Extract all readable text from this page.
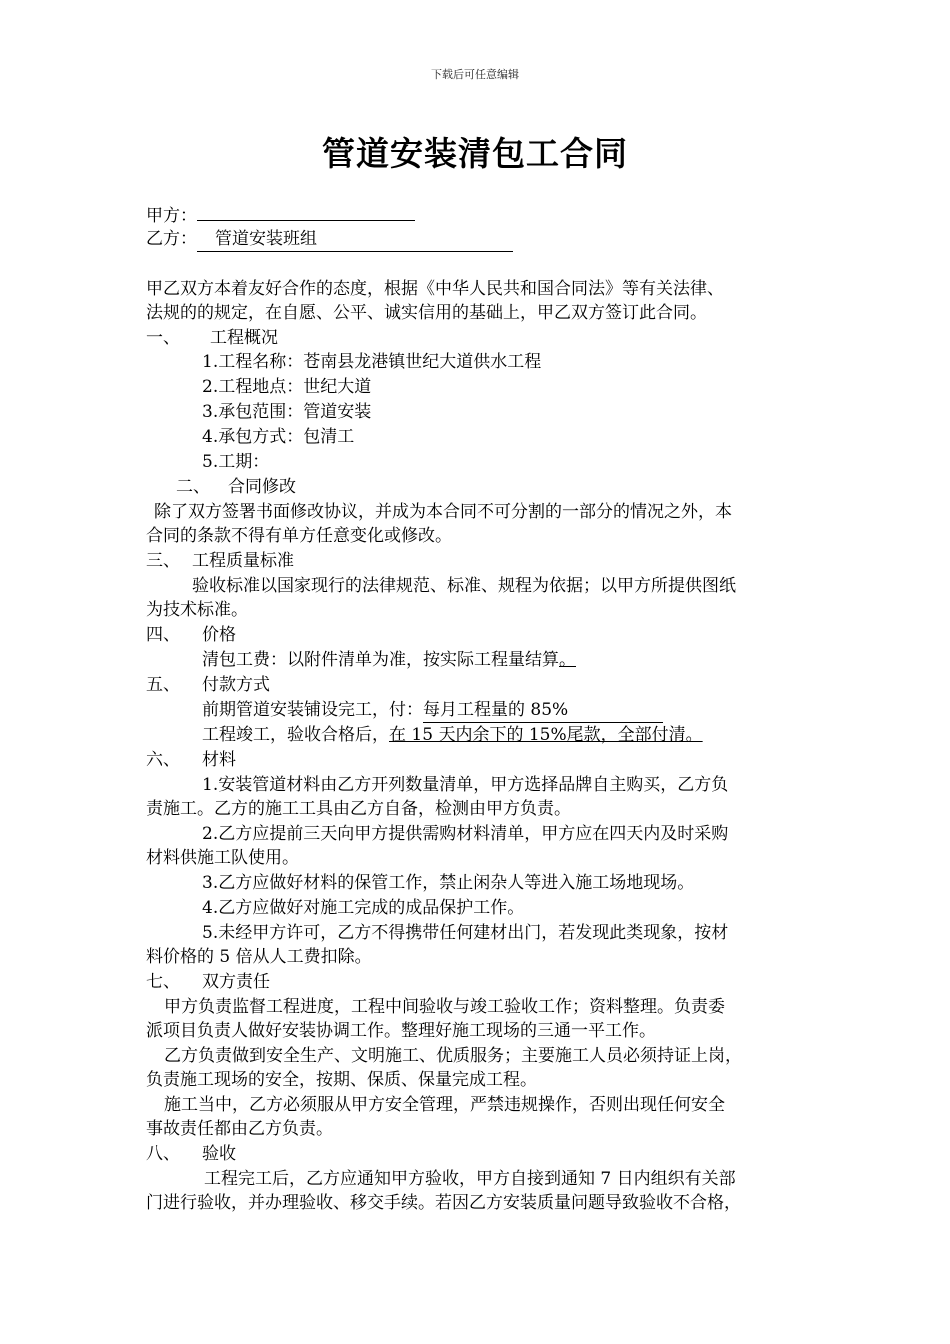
下载后可任意编辑
管道安装清包工合同
甲方：
乙方： 管道安装班组
甲乙双方本着友好合作的态度，根据《中华人民共和国合同法》等有关法律、
法规的的规定，在自愿、公平、诚实信用的基础上，甲乙双方签订此合同。
一、 工程概况
1.工程名称：苍南县龙港镇世纪大道供水工程
2.工程地点：世纪大道
3.承包范围：管道安装
4.承包方式：包清工
5.工期：
二、 合同修改
除了双方签署书面修改协议，并成为本合同不可分割的一部分的情况之外，本
合同的条款不得有单方任意变化或修改。
三、 工程质量标准
验收标准以国家现行的法律规范、标准、规程为依据；以甲方所提供图纸
为技术标准。
四、 价格
清包工费：以附件清单为准，按实际工程量结算。
五、 付款方式
前期管道安装铺设完工，付：每月工程量的 85%
工程竣工，验收合格后，在 15 天内余下的 15%尾款，全部付清。
六、 材料
1.安装管道材料由乙方开列数量清单，甲方选择品牌自主购买，乙方负
责施工。乙方的施工工具由乙方自备，检测由甲方负责。
2.乙方应提前三天向甲方提供需购材料清单，甲方应在四天内及时采购
材料供施工队使用。
3.乙方应做好材料的保管工作，禁止闲杂人等进入施工场地现场。
4.乙方应做好对施工完成的成品保护工作。
5.未经甲方许可，乙方不得携带任何建材出门，若发现此类现象，按材
料价格的 5 倍从人工费扣除。
七、 双方责任
甲方负责监督工程进度，工程中间验收与竣工验收工作；资料整理。负责委
派项目负责人做好安装协调工作。整理好施工现场的三通一平工作。
乙方负责做到安全生产、文明施工、优质服务；主要施工人员必须持证上岗，
负责施工现场的安全，按期、保质、保量完成工程。
施工当中，乙方必须服从甲方安全管理，严禁违规操作，否则出现任何安全
事故责任都由乙方负责。
八、 验收
工程完工后，乙方应通知甲方验收，甲方自接到通知 7 日内组织有关部
门进行验收，并办理验收、移交手续。若因乙方安装质量问题导致验收不合格，
